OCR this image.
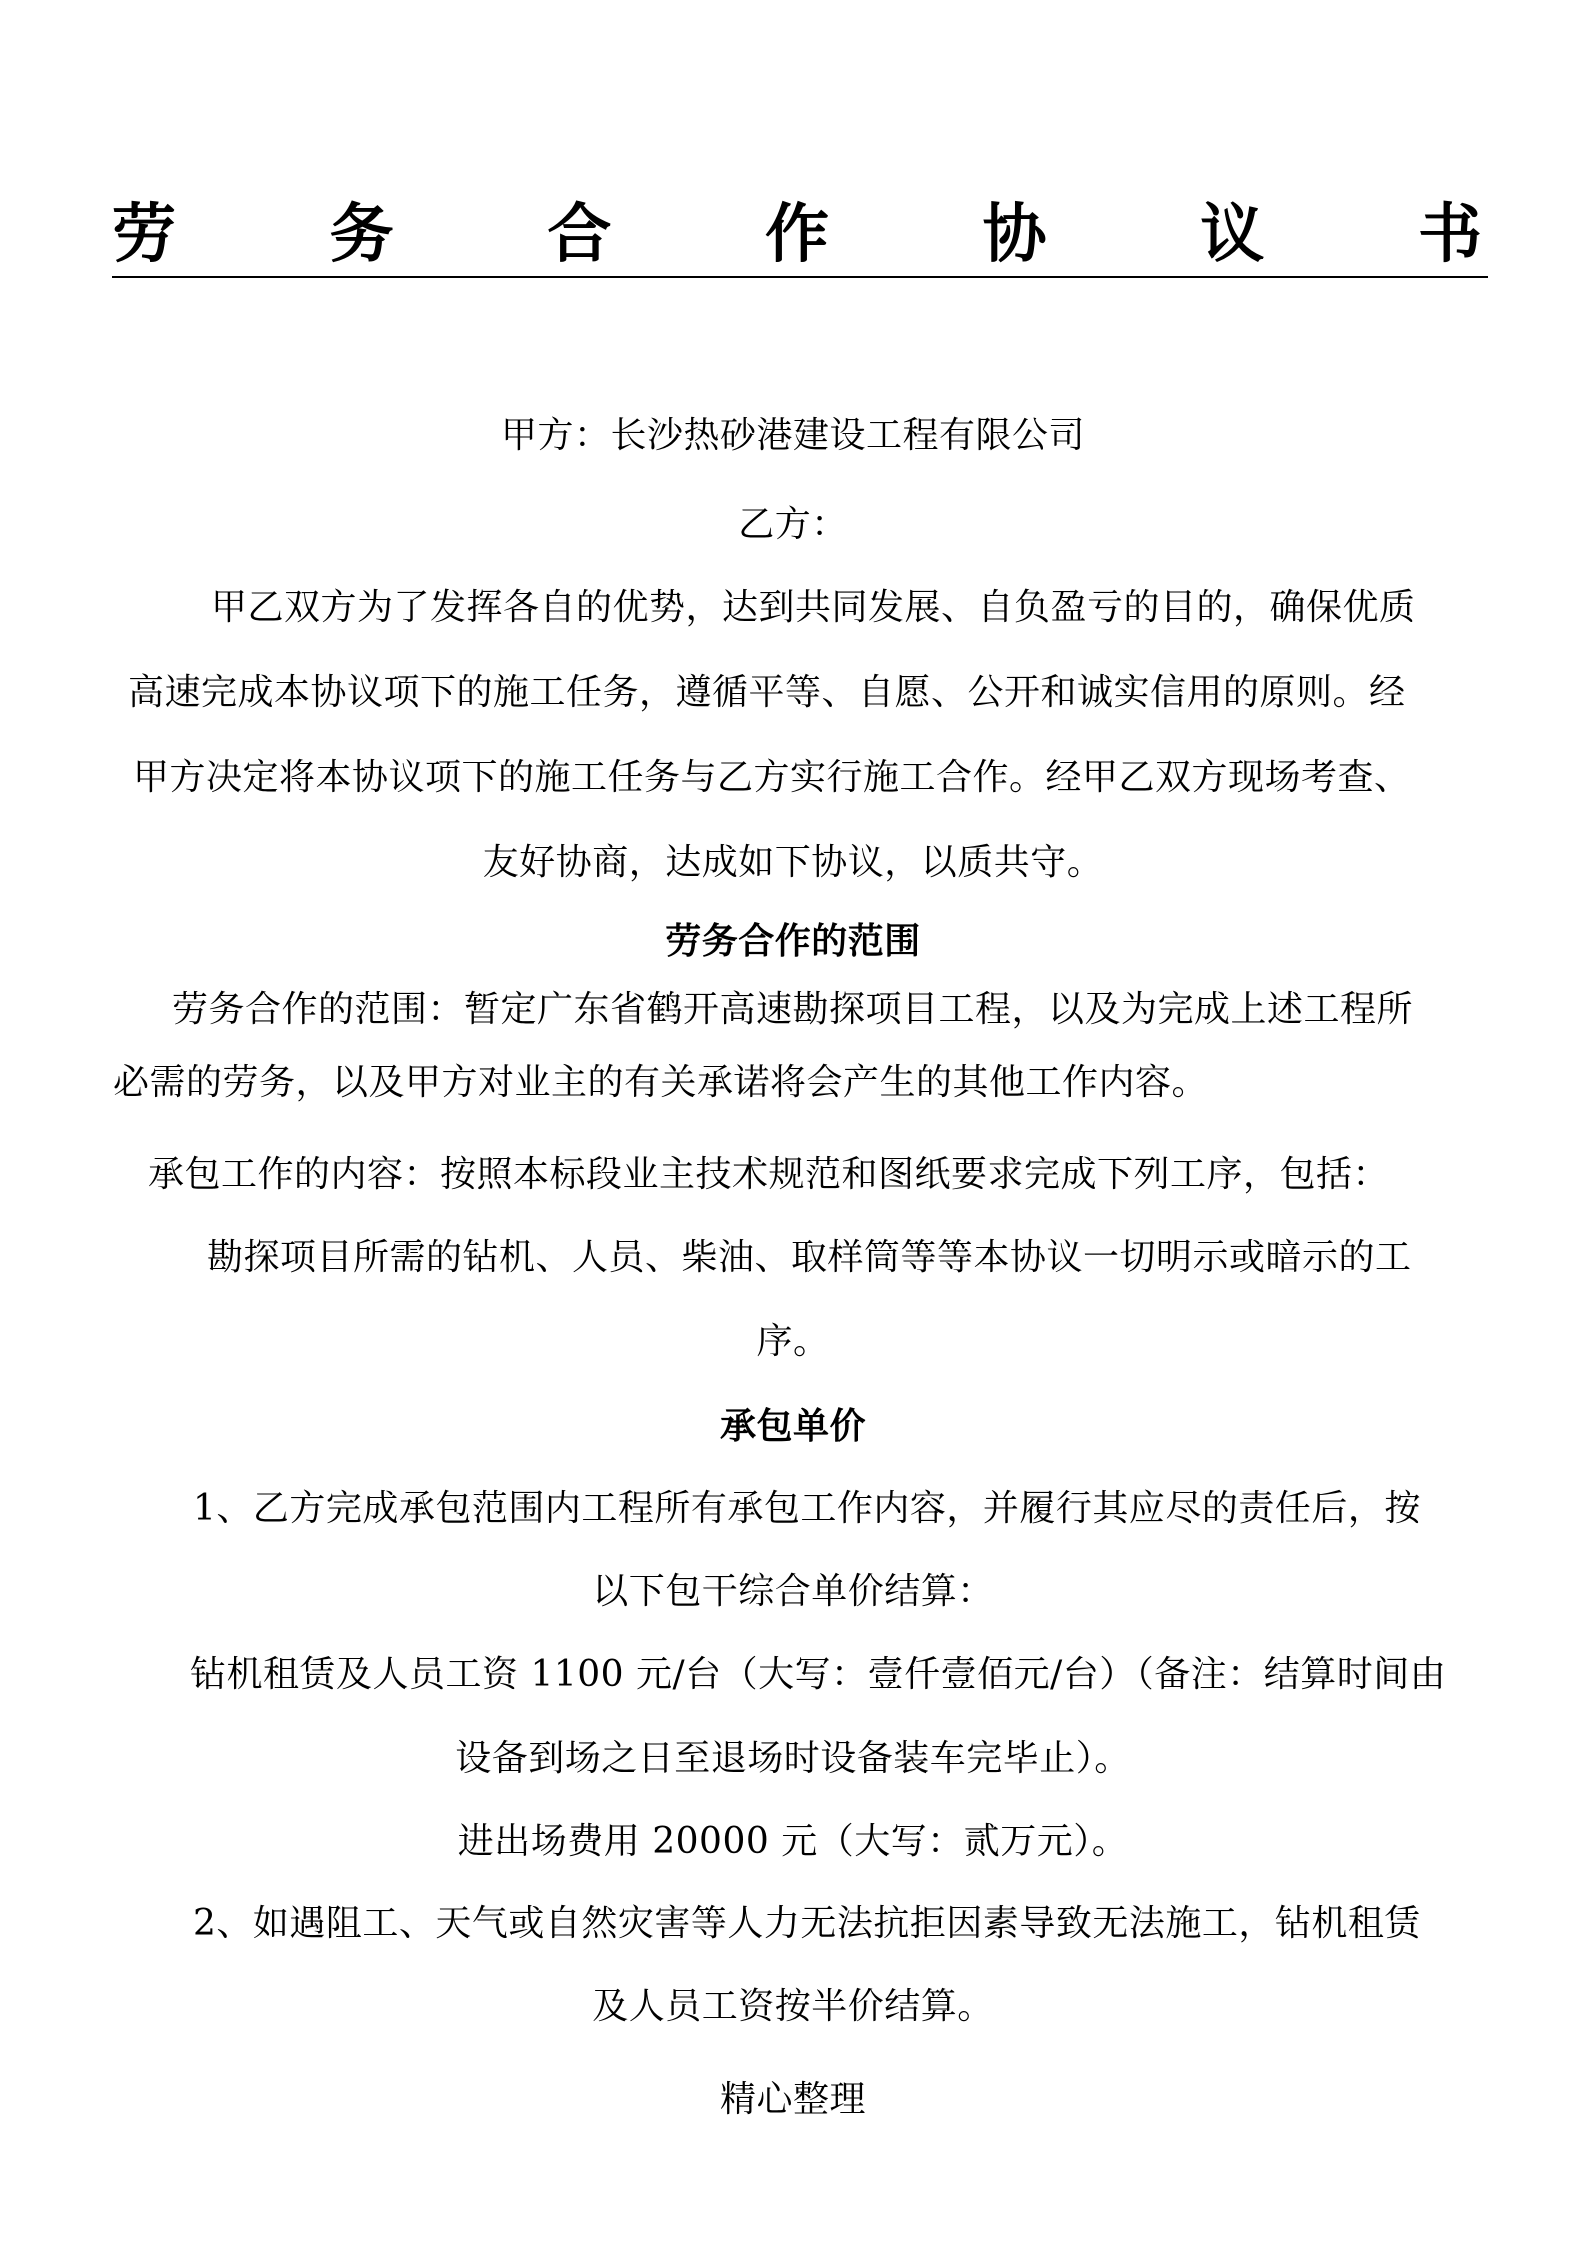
劳 务 合 作 协 议 书
甲方：长沙热砂港建设工程有限公司
乙方：
甲乙双方为了发挥各自的优势，达到共同发展、自负盈亏的目的，确保优质
高速完成本协议项下的施工任务，遵循平等、自愿、公开和诚实信用的原则。经
甲方决定将本协议项下的施工任务与乙方实行施工合作。经甲乙双方现场考查、
友好协商，达成如下协议，以质共守。
劳务合作的范围
劳务合作的范围：暂定广东省鹤开高速勘探项目工程，以及为完成上述工程所
必需的劳务，以及甲方对业主的有关承诺将会产生的其他工作内容。
承包工作的内容：按照本标段业主技术规范和图纸要求完成下列工序，包括：
勘探项目所需的钻机、人员、柴油、取样筒等等本协议一切明示或暗示的工
序。
承包单价
1、乙方完成承包范围内工程所有承包工作内容，并履行其应尽的责任后，按
以下包干综合单价结算：
钻机租赁及人员工资 1100 元/台（大写：壹仟壹佰元/台）（备注：结算时间由
设备到场之日至退场时设备装车完毕止）。
进出场费用 20000 元（大写：贰万元）。
2、如遇阻工、天气或自然灾害等人力无法抗拒因素导致无法施工，钻机租赁
及人员工资按半价结算。
精心整理
